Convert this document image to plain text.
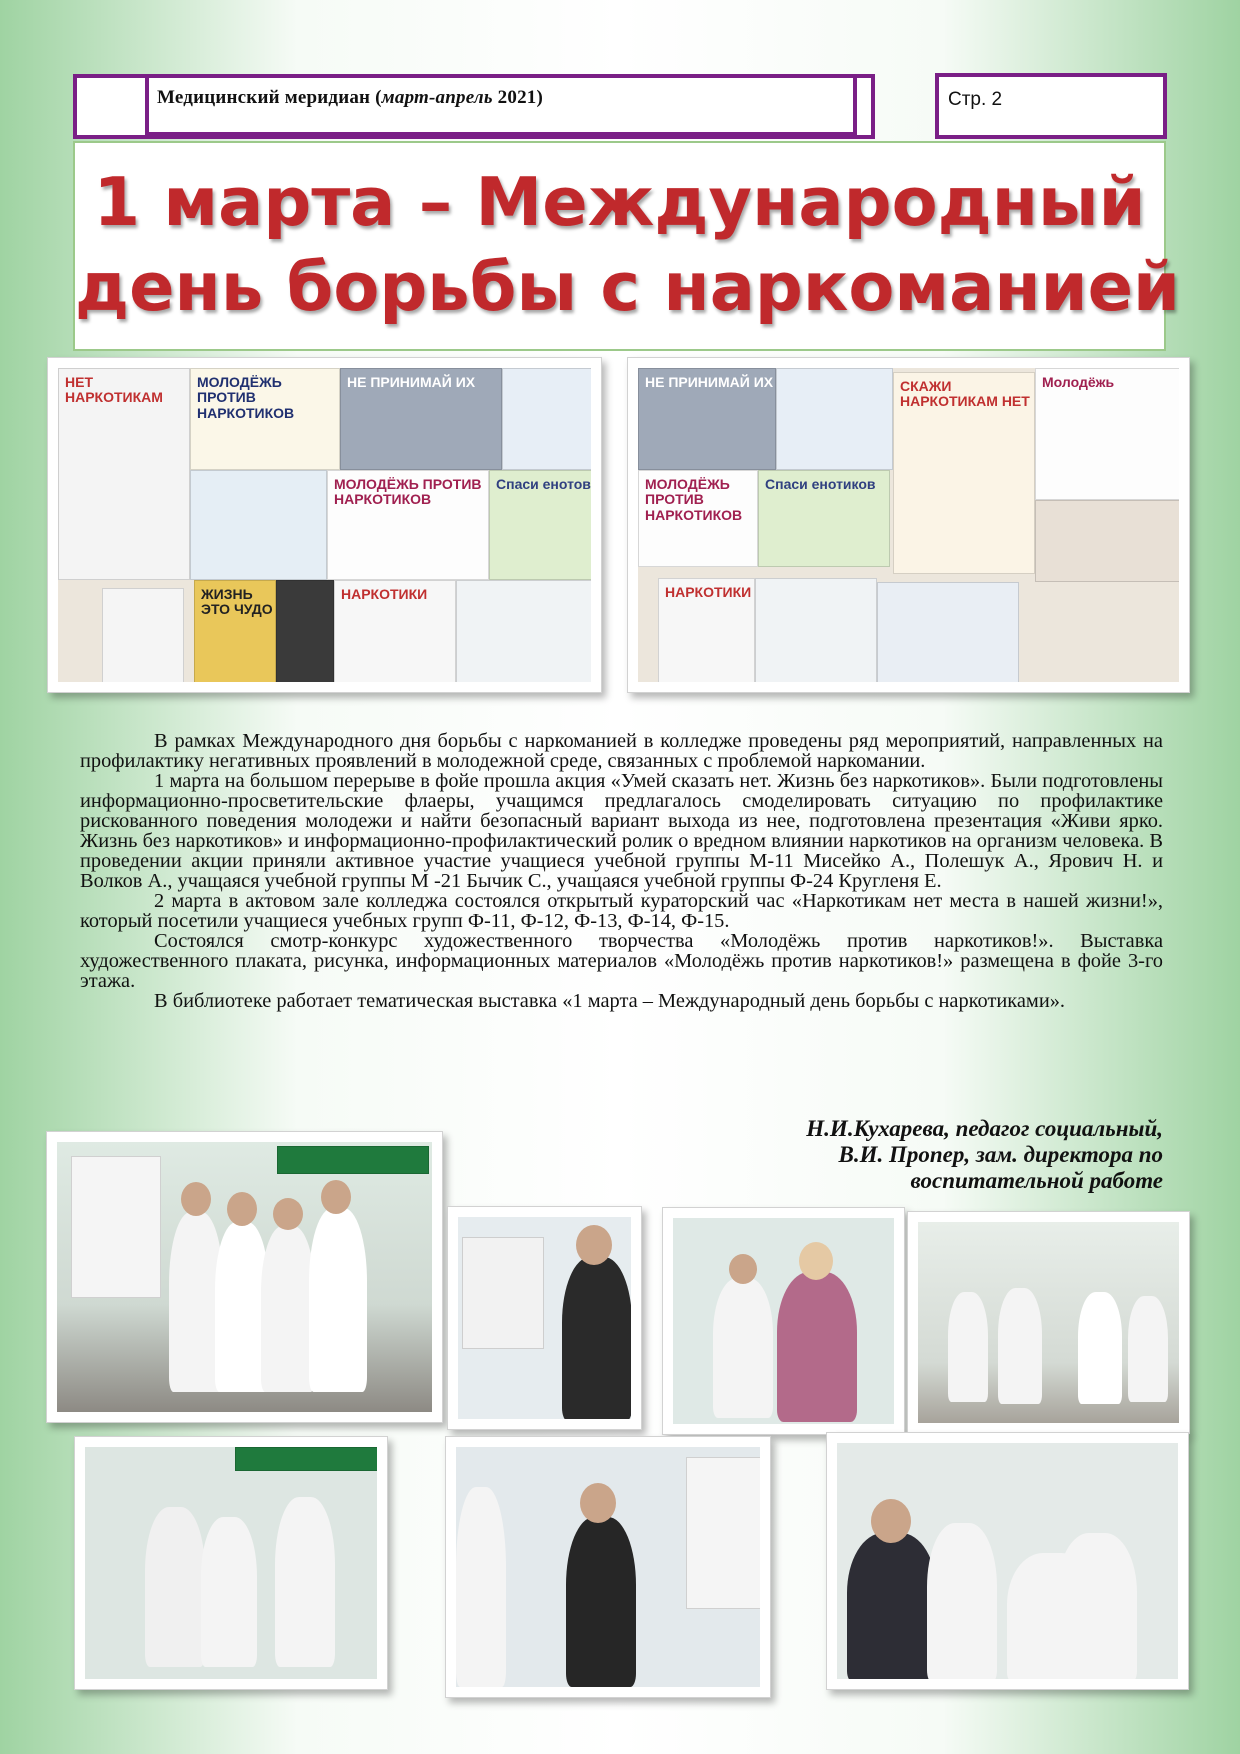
Медицинский меридиан (март-апрель 2021)	Стр. 2
1 марта – Международный
день борьбы с наркоманией
НЕТ НАРКОТИКАМ
МОЛОДЁЖЬ ПРОТИВ НАРКОТИКОВ
НЕ ПРИНИМАЙ ИХ
МОЛОДЁЖЬ ПРОТИВ НАРКОТИКОВ
Спаси енотов
ЖИЗНЬ ЭТО ЧУДО
НАРКОТИКИ
НЕ ПРИНИМАЙ ИХ	СКАЖИ НАРКОТИКАМ НЕТ
Молодёжь
МОЛОДЁЖЬ ПРОТИВ НАРКОТИКОВ
Спаси енотиков
НАРКОТИКИ

В рамках Международного дня борьбы с наркоманией в колледже проведены ряд мероприятий, направленных на профилактику негативных проявлений в молодежной среде, связанных с проблемой наркомании.

1 марта на большом перерыве в фойе прошла акция «Умей сказать нет. Жизнь без наркотиков». Были подготовлены информационно-просветительские флаеры, учащимся предлагалось смоделировать ситуацию по профилактике рискованного поведения молодежи и найти безопасный вариант выхода из нее, подготовлена презентация «Живи ярко. Жизнь без наркотиков» и информационно-профилактический ролик о вредном влиянии наркотиков на организм человека. В проведении акции приняли активное участие учащиеся учебной группы М-11 Мисейко А., Полешук А., Ярович Н. и Волков А., учащаяся учебной группы М -21 Бычик С., учащаяся учебной группы Ф-24 Кругленя Е.

2 марта в актовом зале колледжа состоялся открытый кураторский час «Наркотикам нет места в нашей жизни!», который посетили учащиеся учебных групп Ф-11, Ф-12, Ф-13, Ф-14, Ф-15.

Состоялся смотр-конкурс художественного творчества «Молодёжь против наркотиков!». Выставка художественного плаката, рисунка, информационных материалов «Молодёжь против наркотиков!» размещена в фойе 3-го этажа.

В библиотеке работает тематическая выставка «1 марта – Международный день борьбы с наркотиками».

Н.И.Кухарева, педагог социальный,
В.И. Пропер, зам. директора по
воспитательной работе
